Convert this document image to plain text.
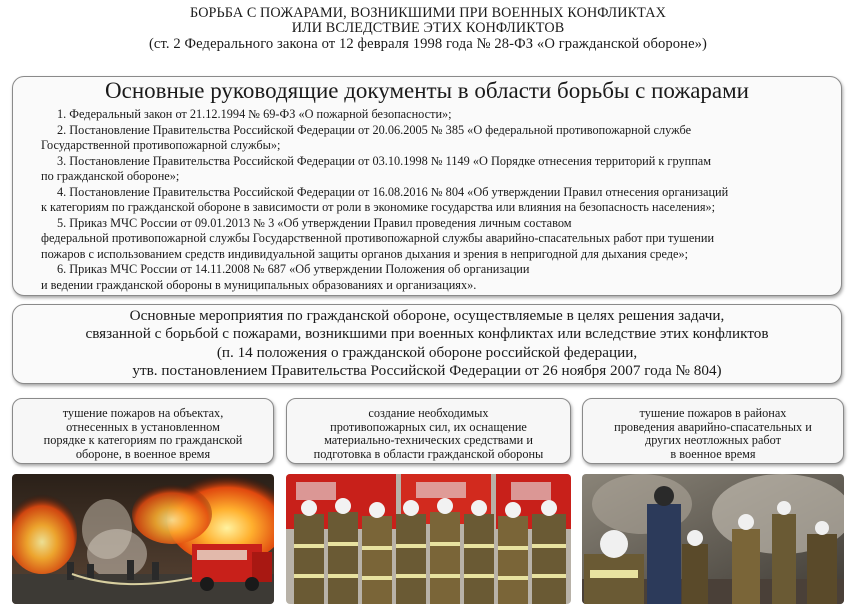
БОРЬБА С ПОЖАРАМИ, ВОЗНИКШИМИ ПРИ ВОЕННЫХ КОНФЛИКТАХ
ИЛИ ВСЛЕДСТВИЕ ЭТИХ КОНФЛИКТОВ
(ст. 2 Федерального закона от 12 февраля 1998 года № 28-ФЗ «О гражданской обороне»)
Основные руководящие документы в области борьбы с пожарами
1. Федеральный закон от 21.12.1994 № 69-ФЗ «О пожарной безопасности»;
2. Постановление Правительства Российской Федерации от 20.06.2005 № 385 «О федеральной противопожарной службе
Государственной противопожарной службы»;
3. Постановление Правительства Российской Федерации от 03.10.1998 № 1149 «О Порядке отнесения территорий к группам
по гражданской обороне»;
4. Постановление Правительства Российской Федерации от 16.08.2016 № 804 «Об утверждении Правил отнесения организаций
к категориям по гражданской обороне в зависимости от роли в экономике государства или влияния на безопасность населения»;
5. Приказ МЧС России от 09.01.2013 № 3 «Об утверждении Правил проведения личным составом
федеральной противопожарной службы Государственной противопожарной службы аварийно-спасательных работ при тушении
пожаров с использованием средств индивидуальной защиты органов дыхания и зрения в непригодной для дыхания среде»;
6. Приказ МЧС России от 14.11.2008 № 687 «Об утверждении Положения об организации
и ведении гражданской обороны в муниципальных образованиях и организациях».
Основные мероприятия по гражданской обороне, осуществляемые в целях решения задачи,
связанной с борьбой с пожарами, возникшими при военных конфликтах или вследствие этих конфликтов
(п. 14 положения о гражданской обороне российской федерации,
утв. постановлением Правительства Российской Федерации от 26 ноября 2007 года № 804)
тушение пожаров на объектах,
отнесенных в установленном
порядке к категориям по гражданской
обороне, в военное время
создание необходимых
противопожарных сил, их оснащение
материально-технических средствами и
подготовка в области гражданской обороны
тушение пожаров в районах
проведения аварийно-спасательных и
других неотложных работ
в военное время
